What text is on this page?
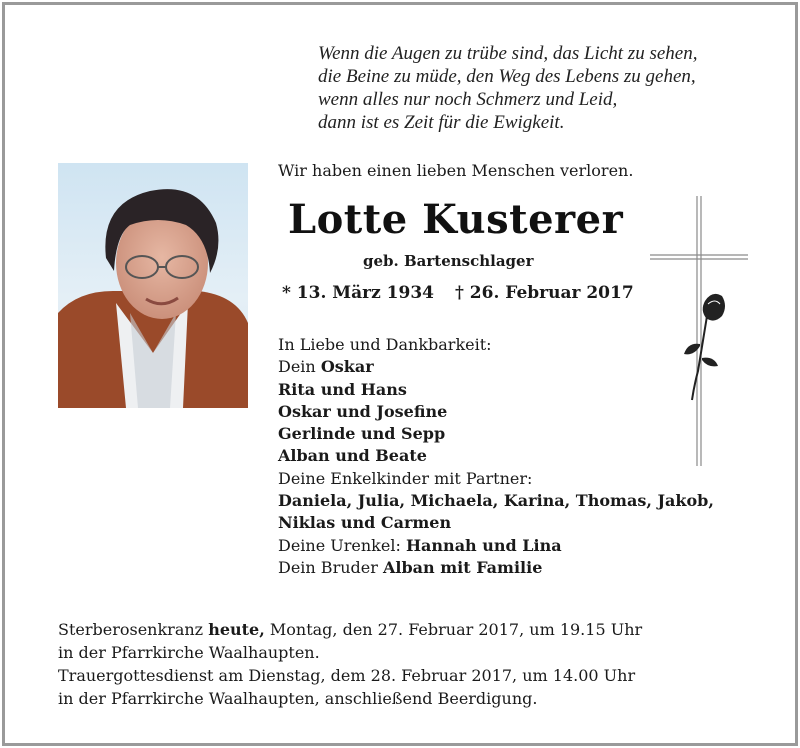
Wenn die Augen zu trübe sind, das Licht zu sehen,
die Beine zu müde, den Weg des Lebens zu gehen,
wenn alles nur noch Schmerz und Leid,
dann ist es Zeit für die Ewigkeit.
Wir haben einen lieben Menschen verloren.
Lotte Kusterer
geb. Bartenschlager
* 13. März 1934 † 26. Februar 2017
In Liebe und Dankbarkeit:
Dein Oskar
Rita und Hans
Oskar und Josefine
Gerlinde und Sepp
Alban und Beate
Deine Enkelkinder mit Partner:
Daniela, Julia, Michaela, Karina, Thomas, Jakob,
Niklas und Carmen
Deine Urenkel: Hannah und Lina
Dein Bruder Alban mit Familie
Sterberosenkranz heute, Montag, den 27. Februar 2017, um 19.15 Uhr
in der Pfarrkirche Waalhaupten.
Trauergottesdienst am Dienstag, dem 28. Februar 2017, um 14.00 Uhr
in der Pfarrkirche Waalhaupten, anschließend Beerdigung.
